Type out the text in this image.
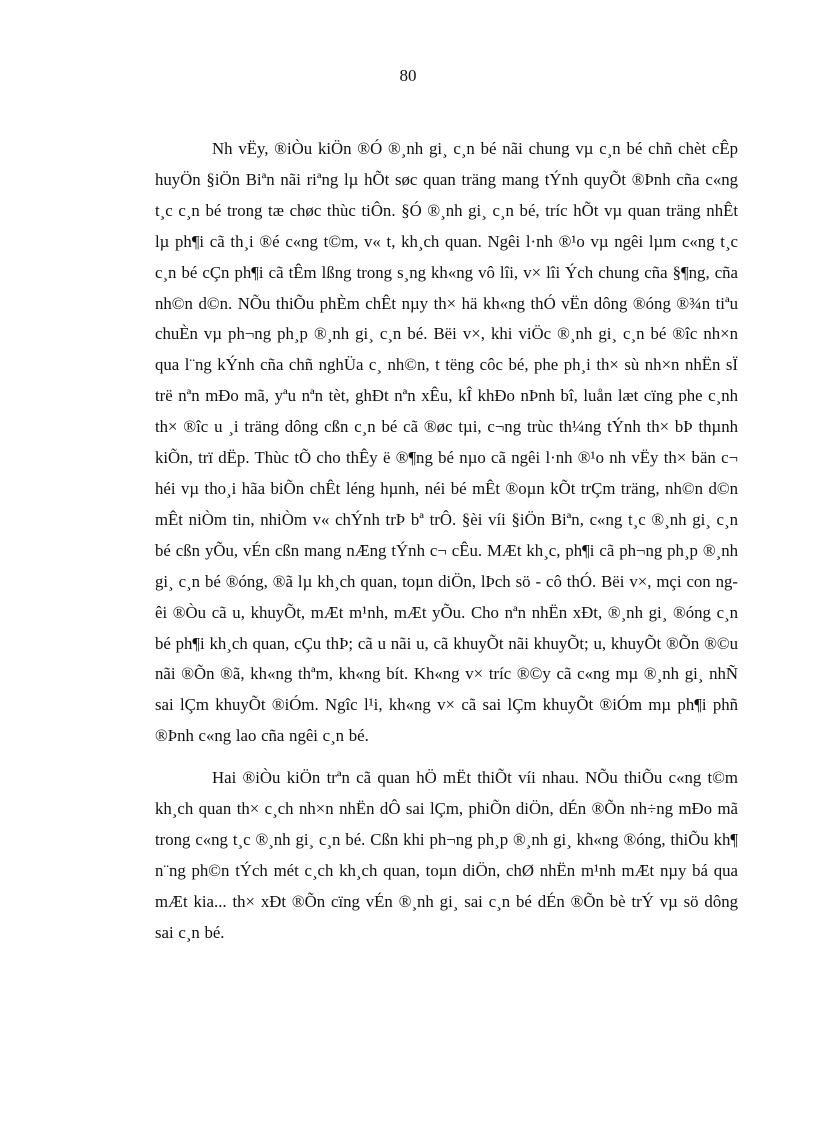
80

Nh vËy, ®iÒu kiÖn ®Ó ®¸nh gi¸ c¸n bé nãi chung vµ c¸n bé chñ chèt cÊp huyÖn §iÖn Biªn nãi riªng lµ hÕt søc quan träng mang tÝnh quyÕt ®Þnh cña c«ng t¸c c¸n bé trong tæ chøc thùc tiÔn. §Ó ®¸nh gi¸ c¸n bé, tríc hÕt vµ quan träng nhÊt lµ ph¶i cã th¸i ®é c«ng t©m, v« t, kh¸ch quan. Ngêi l·nh ®¹o vµ ngêi lµm c«ng t¸c c¸n bé cÇn ph¶i cã tÊm lßng trong s¸ng kh«ng vô lîi, v× lîi Ých chung cña §¶ng, cña nh©n d©n. NÕu thiÕu phÈm chÊt nµy th× hä kh«ng thÓ vËn dông ®óng ®¾n tiªu chuÈn vµ ph¬ng ph¸p ®¸nh gi¸ c¸n bé. Bëi v×, khi viÖc ®¸nh gi¸ c¸n bé ®îc nh×n qua l¨ng kÝnh cña chñ nghÜa c¸ nh©n, t tëng côc bé, phe ph¸i th× sù nh×n nhËn sÏ trë nªn mÐo mã, yªu nªn tèt, ghÐt nªn xÊu, kÎ khÐo nÞnh bî, luån læt cïng phe c¸nh th× ®îc u ¸i träng dông cßn c¸n bé cã ®øc tµi, c¬ng trùc th¼ng tÝnh th× bÞ thµnh kiÕn, trï dËp. Thùc tÕ cho thÊy ë ®¶ng bé nµo cã ngêi l·nh ®¹o nh vËy th× bän c¬ héi vµ tho¸i hãa biÕn chÊt léng hµnh, néi bé mÊt ®oµn kÕt trÇm träng, nh©n d©n mÊt niÒm tin, nhiÒm v« chÝnh trÞ bª trÔ. §èi víi §iÖn Biªn, c«ng t¸c ®¸nh gi¸ c¸n bé cßn yÕu, vÉn cßn mang nÆng tÝnh c¬ cÊu. MÆt kh¸c, ph¶i cã ph¬ng ph¸p ®¸nh gi¸ c¸n bé ®óng, ®ã lµ kh¸ch quan, toµn diÖn, lÞch sö - cô thÓ. Bëi v×, mçi con ngêi ®Òu cã u, khuyÕt, mÆt m¹nh, mÆt yÕu. Cho nªn nhËn xÐt, ®¸nh gi¸ ®óng c¸n bé ph¶i kh¸ch quan, cÇu thÞ; cã u nãi u, cã khuyÕt nãi khuyÕt; u, khuyÕt ®Õn ®©u nãi ®Õn ®ã, kh«ng thªm, kh«ng bít. Kh«ng v× tríc ®©y cã c«ng mµ ®¸nh gi¸ nhÑ sai lÇm khuyÕt ®iÓm. Ngîc l¹i, kh«ng v× cã sai lÇm khuyÕt ®iÓm mµ ph¶i phñ ®Þnh c«ng lao cña ngêi c¸n bé.

Hai ®iÒu kiÖn trªn cã quan hÖ mËt thiÕt víi nhau. NÕu thiÕu c«ng t©m kh¸ch quan th× c¸ch nh×n nhËn dÔ sai lÇm, phiÕn diÖn, dÉn ®Õn nh÷ng mÐo mã trong c«ng t¸c ®¸nh gi¸ c¸n bé. Cßn khi ph¬ng ph¸p ®¸nh gi¸ kh«ng ®óng, thiÕu kh¶ n¨ng ph©n tÝch mét c¸ch kh¸ch quan, toµn diÖn, chØ nhËn m¹nh mÆt nµy bá qua mÆt kia... th× xÐt ®Õn cïng vÉn ®¸nh gi¸ sai c¸n bé dÉn ®Õn bè trÝ vµ sö dông sai c¸n bé.
